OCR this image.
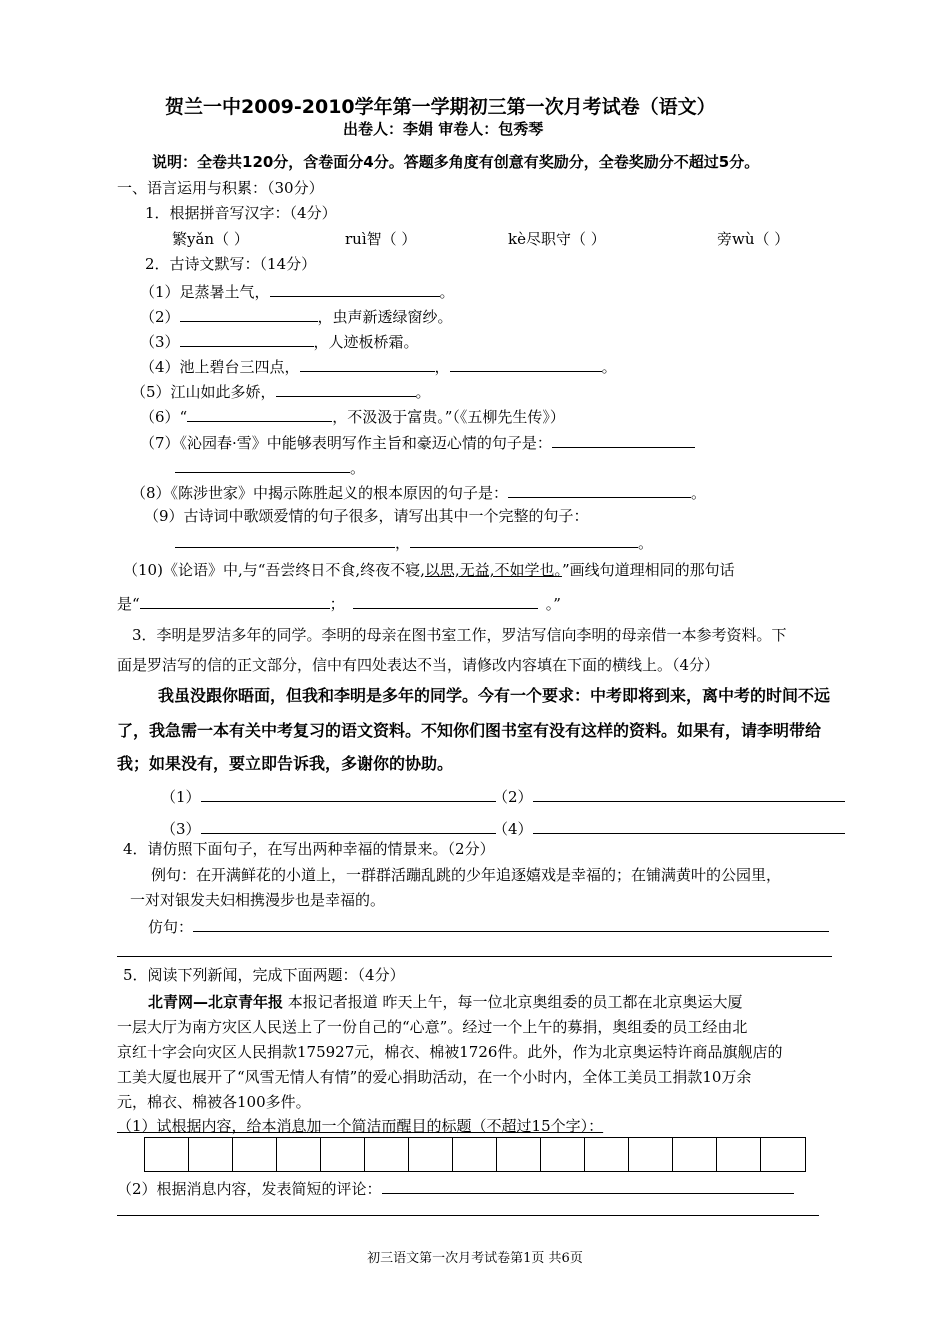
贺兰一中2009-2010学年第一学期初三第一次月考试卷（语文）
出卷人：李娟 审卷人：包秀琴
说明：全卷共120分，含卷面分4分。答题多角度有创意有奖励分，全卷奖励分不超过5分。
一、语言运用与积累：（30分）
1．根据拼音写汉字：（4分）
繁yǎn（ ）	ruì智（ ）	kè尽职守（ ）	旁wù（ ）
2．古诗文默写：（14分）
（1）足蒸暑土气，	。
（2）	，虫声新透绿窗纱。
（3）	，人迹板桥霜。
（4）池上碧台三四点，	，	。
（5）江山如此多娇，	。
（6）“	，不汲汲于富贵。”（《五柳先生传》）
（7）《沁园春·雪》中能够表明写作主旨和豪迈心情的句子是：
。
（8）《陈涉世家》中揭示陈胜起义的根本原因的句子是：	。
（9）古诗词中歌颂爱情的句子很多，请写出其中一个完整的句子：
，	。
（10)《论语》中,与“吾尝终日不食,终夜不寝,以思,无益,不如学也。”画线句道理相同的那句话
是“	；	。”
3．李明是罗洁多年的同学。李明的母亲在图书室工作，罗洁写信向李明的母亲借一本参考资料。下
面是罗洁写的信的正文部分，信中有四处表达不当，请修改内容填在下面的横线上。（4分）
我虽没跟你晤面，但我和李明是多年的同学。今有一个要求：中考即将到来，离中考的时间不远
了，我急需一本有关中考复习的语文资料。不知你们图书室有没有这样的资料。如果有，请李明带给
我；如果没有，要立即告诉我，多谢你的协助。
（1）	（2）
（3）	（4）
4．请仿照下面句子，在写出两种幸福的情景来。（2分）
例句：在开满鲜花的小道上，一群群活蹦乱跳的少年追逐嬉戏是幸福的；在铺满黄叶的公园里，
一对对银发夫妇相携漫步也是幸福的。
仿句：
5．阅读下列新闻，完成下面两题：（4分）
北青网—北京青年报 本报记者报道 昨天上午，每一位北京奥组委的员工都在北京奥运大厦
一层大厅为南方灾区人民送上了一份自己的“心意”。经过一个上午的募捐，奥组委的员工经由北
京红十字会向灾区人民捐款175927元，棉衣、棉被1726件。此外，作为北京奥运特许商品旗舰店的
工美大厦也展开了“风雪无情人有情”的爱心捐助活动，在一个小时内，全体工美员工捐款10万余
元，棉衣、棉被各100多件。
（1）试根据内容，给本消息加一个简洁而醒目的标题（不超过15个字）：
（2）根据消息内容，发表简短的评论：
初三语文第一次月考试卷第1页 共6页
